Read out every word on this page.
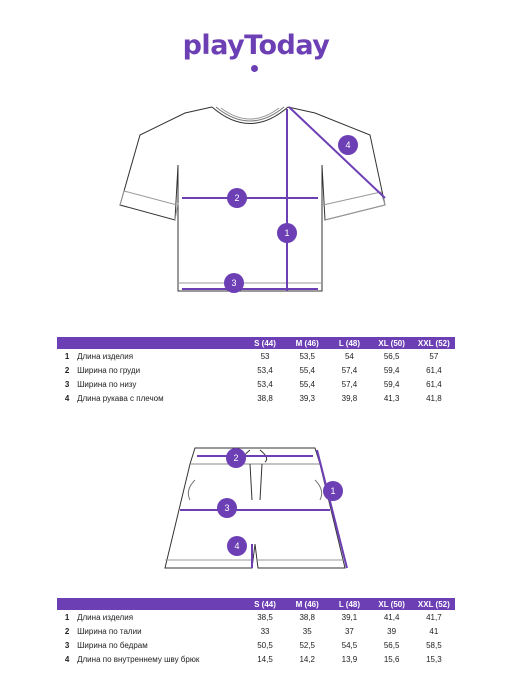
playToday
1
2
3
4
		S (44)	M (46)	L (48)	XL (50)	XXL (52)
1	Длина изделия	53	53,5	54	56,5	57
2	Ширина по груди	53,4	55,4	57,4	59,4	61,4
3	Ширина по низу	53,4	55,4	57,4	59,4	61,4
4	Длина рукава с плечом	38,8	39,3	39,8	41,3	41,8
1
2
3
4
		S (44)	M (46)	L (48)	XL (50)	XXL (52)
1	Длина изделия	38,5	38,8	39,1	41,4	41,7
2	Ширина по талии	33	35	37	39	41
3	Ширина по бедрам	50,5	52,5	54,5	56,5	58,5
4	Длина по внутреннему шву брюк	14,5	14,2	13,9	15,6	15,3
